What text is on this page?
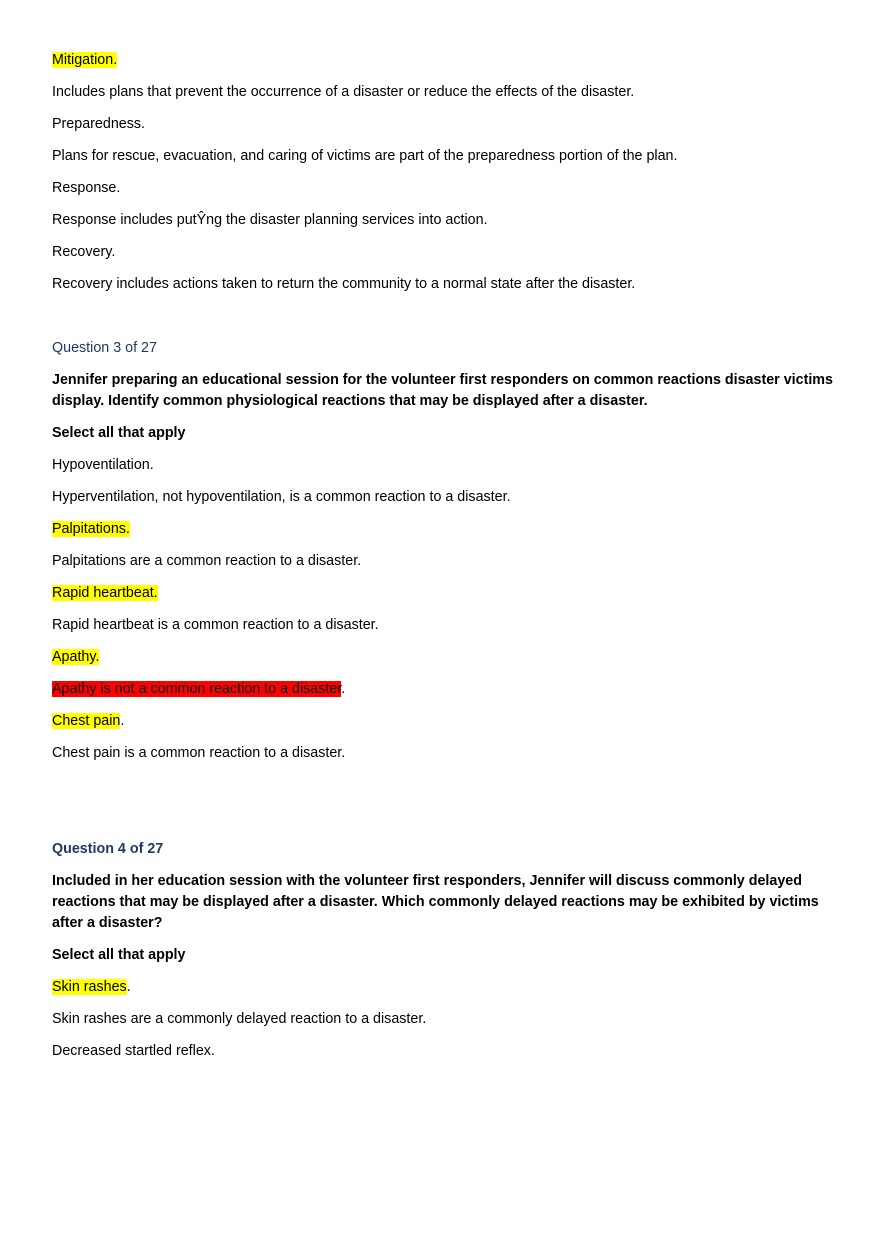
Mitigation.

Includes plans that prevent the occurrence of a disaster or reduce the effects of the disaster.

Preparedness.

Plans for rescue, evacuation, and caring of victims are part of the preparedness portion of the plan.

Response.

Response includes putŶng the disaster planning services into action.

Recovery.

Recovery includes actions taken to return the community to a normal state after the disaster.

Question 3 of 27

Jennifer preparing an educational session for the volunteer first responders on common reactions disaster victims display. Identify common physiological reactions that may be displayed after a disaster.

Select all that apply

Hypoventilation.

Hyperventilation, not hypoventilation, is a common reaction to a disaster.

Palpitations.

Palpitations are a common reaction to a disaster.

Rapid heartbeat.

Rapid heartbeat is a common reaction to a disaster.

Apathy.

Apathy is not a common reaction to a disaster.

Chest pain.

Chest pain is a common reaction to a disaster.

Question 4 of 27

Included in her education session with the volunteer first responders, Jennifer will discuss commonly delayed reactions that may be displayed after a disaster. Which commonly delayed reactions may be exhibited by victims after a disaster?

Select all that apply

Skin rashes.

Skin rashes are a commonly delayed reaction to a disaster.

Decreased startled reflex.
